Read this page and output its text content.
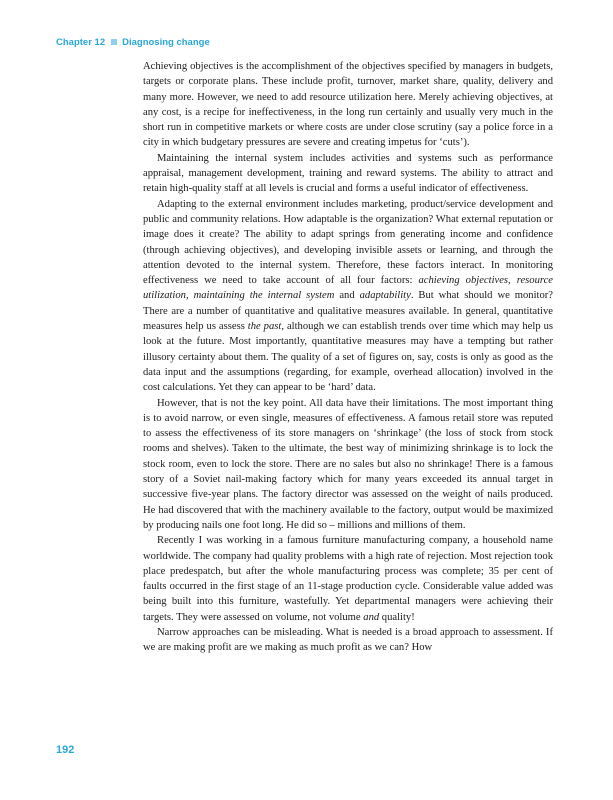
Chapter 12 Diagnosing change

Achieving objectives is the accomplishment of the objectives specified by managers in budgets, targets or corporate plans. These include profit, turnover, market share, quality, delivery and many more. However, we need to add resource utilization here. Merely achieving objectives, at any cost, is a recipe for ineffectiveness, in the long run certainly and usually very much in the short run in competitive markets or where costs are under close scrutiny (say a police force in a city in which budgetary pressures are severe and creating impetus for ‘cuts’).

Maintaining the internal system includes activities and systems such as performance appraisal, management development, training and reward systems. The ability to attract and retain high-quality staff at all levels is crucial and forms a useful indicator of effectiveness.

Adapting to the external environment includes marketing, product/service development and public and community relations. How adaptable is the organization? What external reputation or image does it create? The ability to adapt springs from generating income and confidence (through achieving objectives), and developing invisible assets or learning, and through the attention devoted to the internal system. Therefore, these factors interact. In monitoring effectiveness we need to take account of all four factors: achieving objectives, resource utilization, maintaining the internal system and adaptability. But what should we monitor? There are a number of quantitative and qualitative measures available. In general, quantitative measures help us assess the past, although we can establish trends over time which may help us look at the future. Most importantly, quantitative measures may have a tempting but rather illusory certainty about them. The quality of a set of figures on, say, costs is only as good as the data input and the assumptions (regarding, for example, overhead allocation) involved in the cost calculations. Yet they can appear to be ‘hard’ data.

However, that is not the key point. All data have their limitations. The most important thing is to avoid narrow, or even single, measures of effectiveness. A famous retail store was reputed to assess the effectiveness of its store managers on ‘shrinkage’ (the loss of stock from stock rooms and shelves). Taken to the ultimate, the best way of minimizing shrinkage is to lock the stock room, even to lock the store. There are no sales but also no shrinkage! There is a famous story of a Soviet nail-making factory which for many years exceeded its annual target in successive five-year plans. The factory director was assessed on the weight of nails produced. He had discovered that with the machinery available to the factory, output would be maximized by producing nails one foot long. He did so – millions and millions of them.

Recently I was working in a famous furniture manufacturing company, a household name worldwide. The company had quality problems with a high rate of rejection. Most rejection took place predespatch, but after the whole manufacturing process was complete; 35 per cent of faults occurred in the first stage of an 11-stage production cycle. Considerable value added was being built into this furniture, wastefully. Yet departmental managers were achieving their targets. They were assessed on volume, not volume and quality!

Narrow approaches can be misleading. What is needed is a broad approach to assessment. If we are making profit are we making as much profit as we can? How

192
